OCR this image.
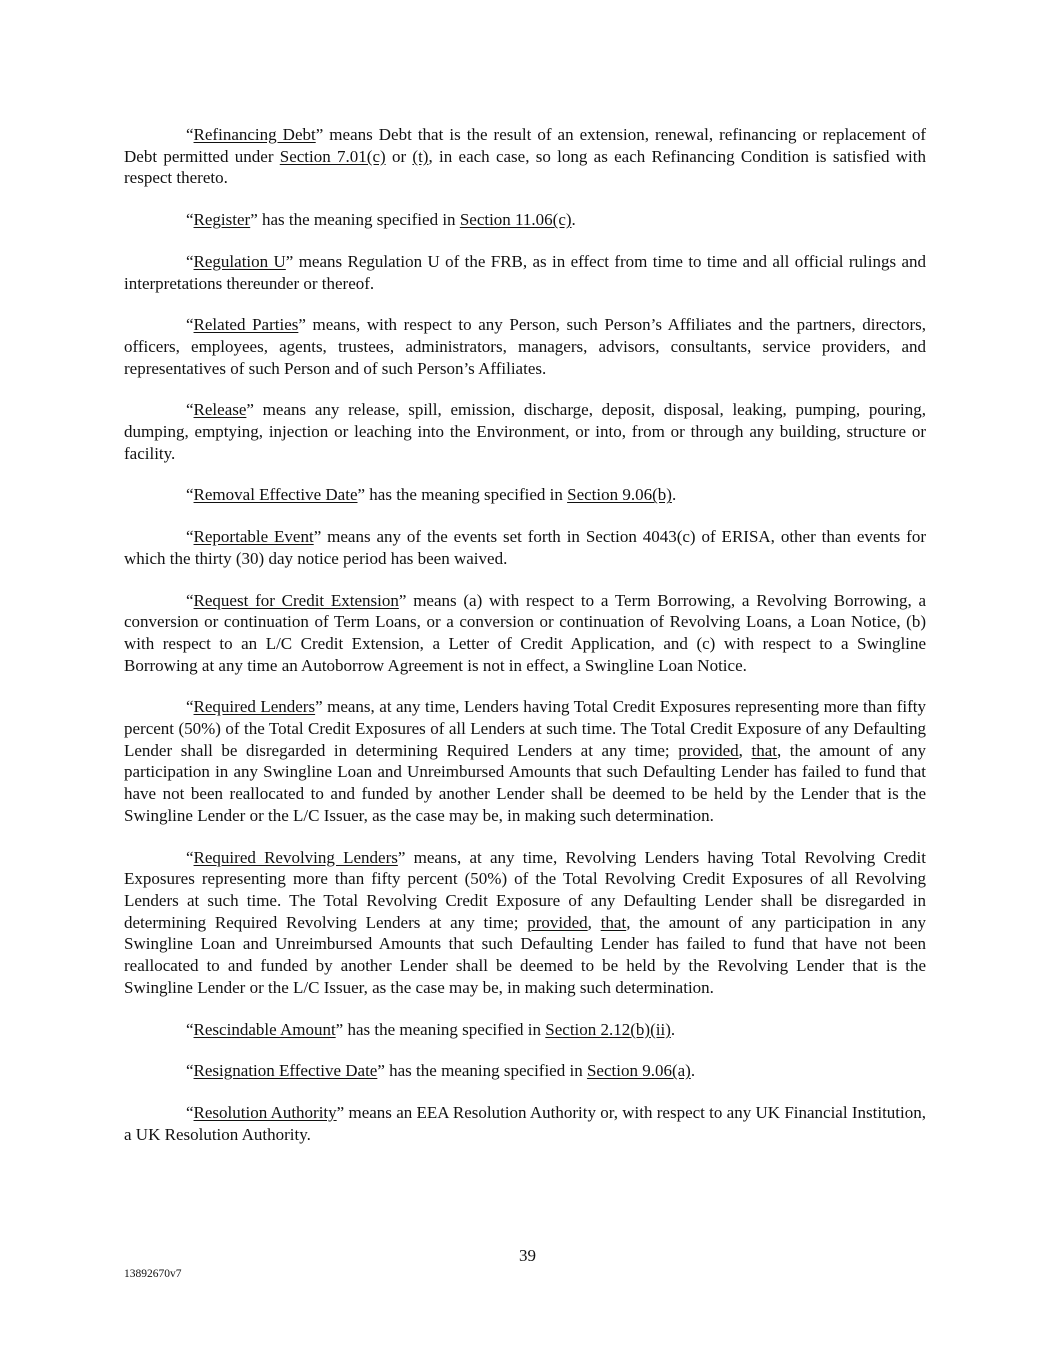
“Refinancing Debt” means Debt that is the result of an extension, renewal, refinancing or replacement of Debt permitted under Section 7.01(c) or (t), in each case, so long as each Refinancing Condition is satisfied with respect thereto.

“Register” has the meaning specified in Section 11.06(c).

“Regulation U” means Regulation U of the FRB, as in effect from time to time and all official rulings and interpretations thereunder or thereof.

“Related Parties” means, with respect to any Person, such Person’s Affiliates and the partners, directors, officers, employees, agents, trustees, administrators, managers, advisors, consultants, service providers, and representatives of such Person and of such Person’s Affiliates.

“Release” means any release, spill, emission, discharge, deposit, disposal, leaking, pumping, pouring, dumping, emptying, injection or leaching into the Environment, or into, from or through any building, structure or facility.

“Removal Effective Date” has the meaning specified in Section 9.06(b).

“Reportable Event” means any of the events set forth in Section 4043(c) of ERISA, other than events for which the thirty (30) day notice period has been waived.

“Request for Credit Extension” means (a) with respect to a Term Borrowing, a Revolving Borrowing, a conversion or continuation of Term Loans, or a conversion or continuation of Revolving Loans, a Loan Notice, (b) with respect to an L/C Credit Extension, a Letter of Credit Application, and (c) with respect to a Swingline Borrowing at any time an Autoborrow Agreement is not in effect, a Swingline Loan Notice.

“Required Lenders” means, at any time, Lenders having Total Credit Exposures representing more than fifty percent (50%) of the Total Credit Exposures of all Lenders at such time. The Total Credit Exposure of any Defaulting Lender shall be disregarded in determining Required Lenders at any time; provided, that, the amount of any participation in any Swingline Loan and Unreimbursed Amounts that such Defaulting Lender has failed to fund that have not been reallocated to and funded by another Lender shall be deemed to be held by the Lender that is the Swingline Lender or the L/C Issuer, as the case may be, in making such determination.

“Required Revolving Lenders” means, at any time, Revolving Lenders having Total Revolving Credit Exposures representing more than fifty percent (50%) of the Total Revolving Credit Exposures of all Revolving Lenders at such time. The Total Revolving Credit Exposure of any Defaulting Lender shall be disregarded in determining Required Revolving Lenders at any time; provided, that, the amount of any participation in any Swingline Loan and Unreimbursed Amounts that such Defaulting Lender has failed to fund that have not been reallocated to and funded by another Lender shall be deemed to be held by the Revolving Lender that is the Swingline Lender or the L/C Issuer, as the case may be, in making such determination.

“Rescindable Amount” has the meaning specified in Section 2.12(b)(ii).

“Resignation Effective Date” has the meaning specified in Section 9.06(a).

“Resolution Authority” means an EEA Resolution Authority or, with respect to any UK Financial Institution, a UK Resolution Authority.

39
13892670v7
